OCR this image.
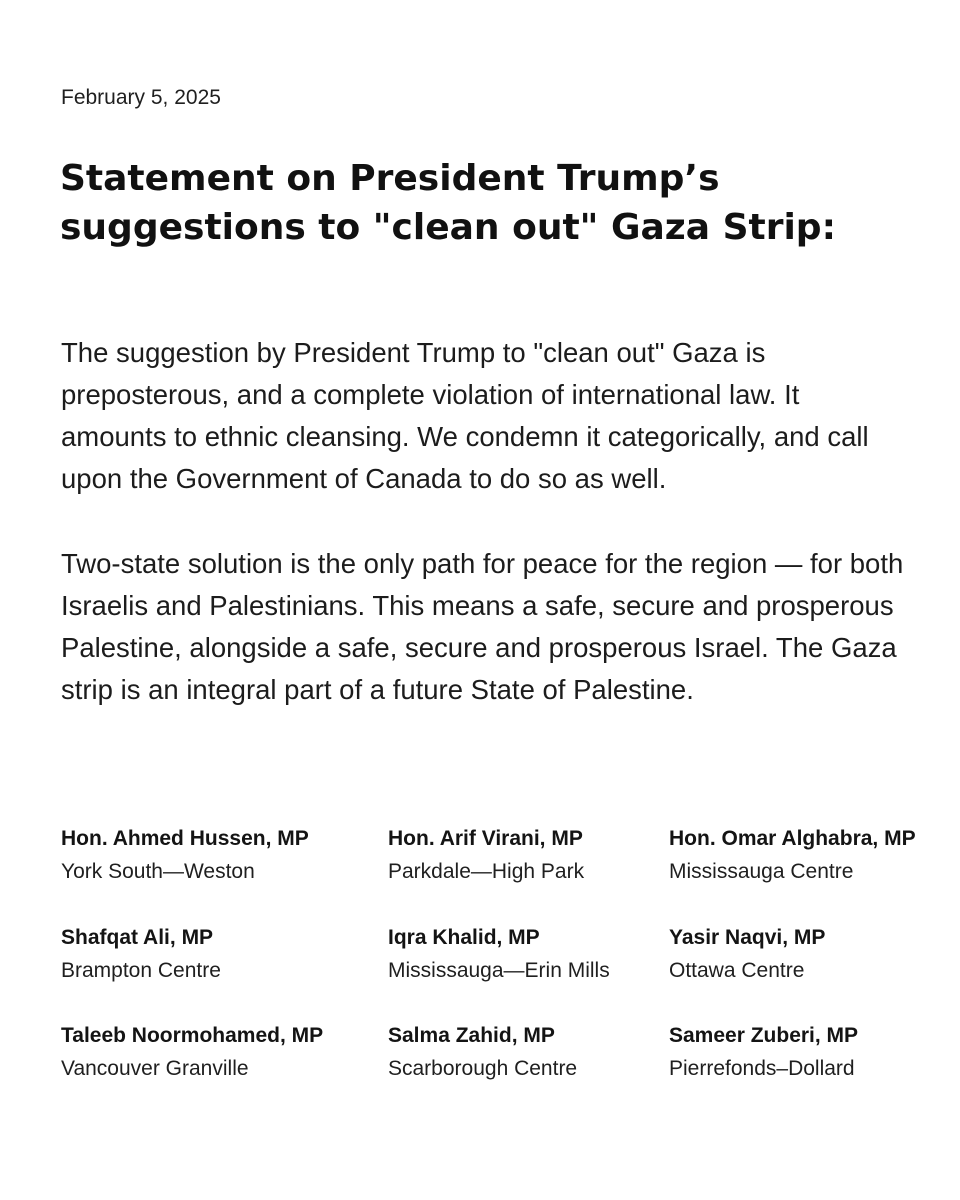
February 5, 2025
Statement on President Trump’s
suggestions to "clean out" Gaza Strip:

The suggestion by President Trump to "clean out" Gaza is preposterous, and a complete violation of international law. It amounts to ethnic cleansing. We condemn it categorically, and call upon the Government of Canada to do so as well.

Two-state solution is the only path for peace for the region — for both Israelis and Palestinians. This means a safe, secure and prosperous Palestine, alongside a safe, secure and prosperous Israel. The Gaza strip is an integral part of a future State of Palestine.

Hon. Ahmed Hussen, MP
York South—Weston
Hon. Arif Virani, MP
Parkdale—High Park
Hon. Omar Alghabra, MP
Mississauga Centre
Shafqat Ali, MP
Brampton Centre
Iqra Khalid, MP
Mississauga—Erin Mills
Yasir Naqvi, MP
Ottawa Centre
Taleeb Noormohamed, MP
Vancouver Granville
Salma Zahid, MP
Scarborough Centre
Sameer Zuberi, MP
Pierrefonds–Dollard
